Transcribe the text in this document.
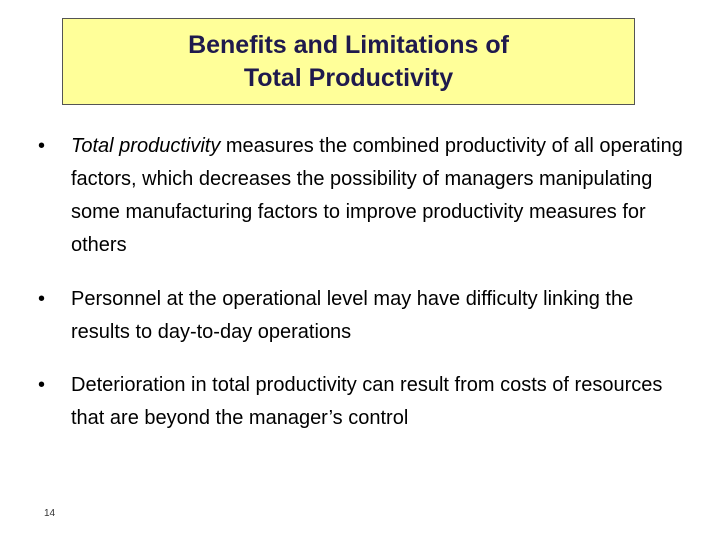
Benefits and Limitations of
Total Productivity
•	Total productivity measures the combined productivity of all operating factors, which decreases the possibility of managers manipulating some manufacturing factors to improve productivity measures for others
•	Personnel at the operational level may have difficulty linking the results to day-to-day operations
•	Deterioration in total productivity can result from costs of resources that are beyond the manager’s control
14
